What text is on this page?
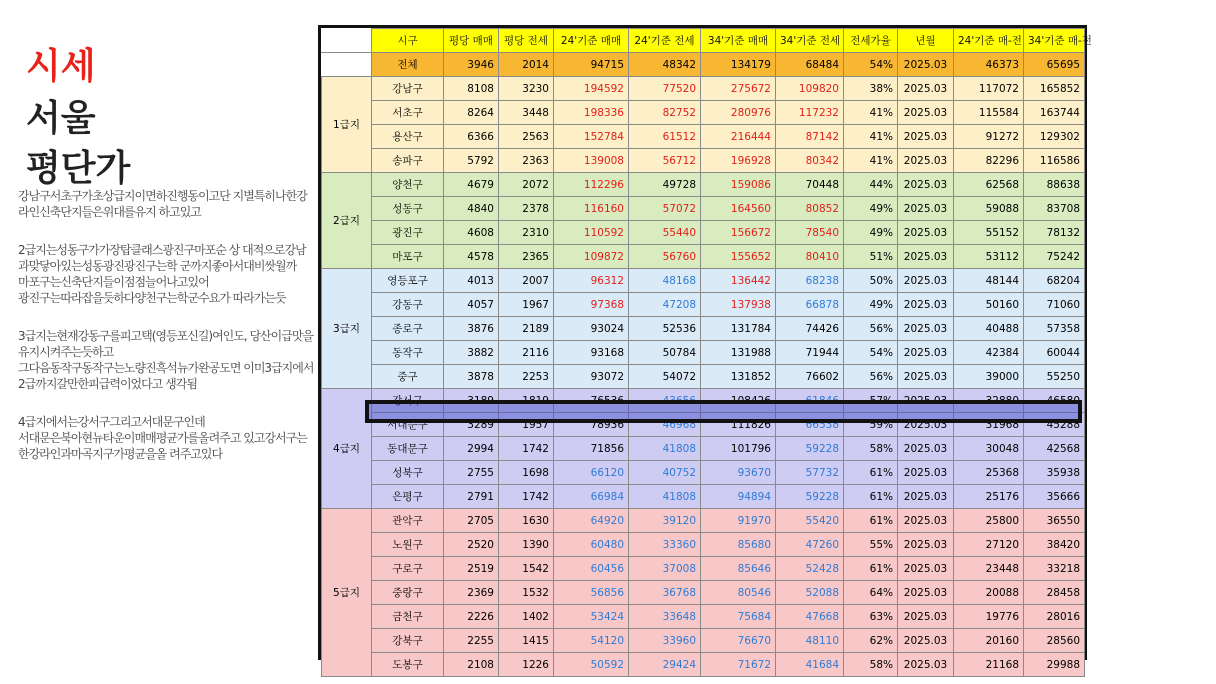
시세
서울
평단가

강남구서초구가초상급지이면하진행동이고단 지별특히나한강라인신축단지들은위대를유지 하고있고

2급지는성동구가가장탑클래스광진구마포순 상 대적으로강남과맞닿아있는성동광진광진구는학 군까지좋아서대비쌋월까
마포구는신축단지들이점점늘어나고있어
광진구는따라잡을듯하다양천구는학군수요가 따라가는듯

3급지는현재강동구를피고택(영등포신길)여인도, 당산이급맛을유지시켜주는듯하고
그다음동작구동작구는노량진흑석뉴가완공도면 이미3급지에서2급까지갈만한피급력이었다고 생각됨

4급지에서는강서구그리고서대문구인데
서대문은북아현뉴타운이매매평균가를올려주고 있고강서구는한강라인과마곡지구가평균을올 려주고있다

	시구	평당 매매	평당 전세	24'기준 매매	24'기준 전세	34'기준 매매	34'기준 전세	전세가율	년월	24'기준 매-전	34'기준 매-전
	전체	3946	2014	94715	48342	134179	68484	54%	2025.03	46373	65695
1급지	강남구	8108	3230	194592	77520	275672	109820	38%	2025.03	117072	165852
	서초구	8264	3448	198336	82752	280976	117232	41%	2025.03	115584	163744
	용산구	6366	2563	152784	61512	216444	87142	41%	2025.03	91272	129302
	송파구	5792	2363	139008	56712	196928	80342	41%	2025.03	82296	116586
2급지	양천구	4679	2072	112296	49728	159086	70448	44%	2025.03	62568	88638
	성동구	4840	2378	116160	57072	164560	80852	49%	2025.03	59088	83708
	광진구	4608	2310	110592	55440	156672	78540	49%	2025.03	55152	78132
	마포구	4578	2365	109872	56760	155652	80410	51%	2025.03	53112	75242
3급지	영등포구	4013	2007	96312	48168	136442	68238	50%	2025.03	48144	68204
	강동구	4057	1967	97368	47208	137938	66878	49%	2025.03	50160	71060
	종로구	3876	2189	93024	52536	131784	74426	56%	2025.03	40488	57358
	동작구	3882	2116	93168	50784	131988	71944	54%	2025.03	42384	60044
	중구	3878	2253	93072	54072	131852	76602	56%	2025.03	39000	55250
4급지	강서구	3189	1819	76536	43656	108426	61846	57%	2025.03	32880	46580
	서대문구	3289	1957	78936	46968	111826	66538	59%	2025.03	31968	45288
	동대문구	2994	1742	71856	41808	101796	59228	58%	2025.03	30048	42568
	성북구	2755	1698	66120	40752	93670	57732	61%	2025.03	25368	35938
	은평구	2791	1742	66984	41808	94894	59228	61%	2025.03	25176	35666
5급지	관악구	2705	1630	64920	39120	91970	55420	61%	2025.03	25800	36550
	노원구	2520	1390	60480	33360	85680	47260	55%	2025.03	27120	38420
	구로구	2519	1542	60456	37008	85646	52428	61%	2025.03	23448	33218
	중랑구	2369	1532	56856	36768	80546	52088	64%	2025.03	20088	28458
	금천구	2226	1402	53424	33648	75684	47668	63%	2025.03	19776	28016
	강북구	2255	1415	54120	33960	76670	48110	62%	2025.03	20160	28560
	도봉구	2108	1226	50592	29424	71672	41684	58%	2025.03	21168	29988
